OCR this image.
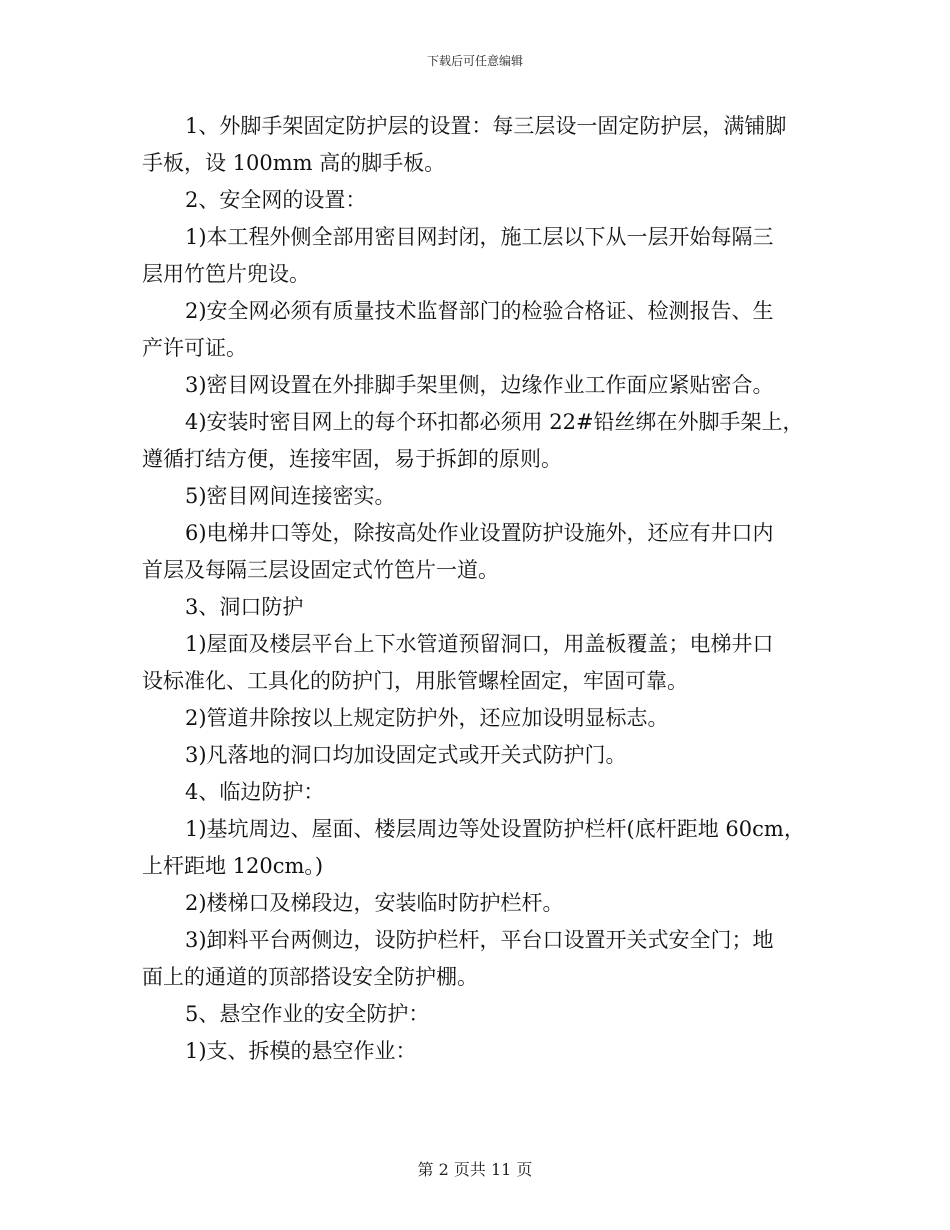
下载后可任意编辑
1、外脚手架固定防护层的设置：每三层设一固定防护层，满铺脚
手板，设 100mm 高的脚手板。
2、安全网的设置：
1)本工程外侧全部用密目网封闭，施工层以下从一层开始每隔三
层用竹笆片兜设。
2)安全网必须有质量技术监督部门的检验合格证、检测报告、生
产许可证。
3)密目网设置在外排脚手架里侧，边缘作业工作面应紧贴密合。
4)安装时密目网上的每个环扣都必须用 22#铅丝绑在外脚手架上，
遵循打结方便，连接牢固，易于拆卸的原则。
5)密目网间连接密实。
6)电梯井口等处，除按高处作业设置防护设施外，还应有井口内
首层及每隔三层设固定式竹笆片一道。
3、洞口防护
1)屋面及楼层平台上下水管道预留洞口，用盖板覆盖；电梯井口
设标准化、工具化的防护门，用胀管螺栓固定，牢固可靠。
2)管道井除按以上规定防护外，还应加设明显标志。
3)凡落地的洞口均加设固定式或开关式防护门。
4、临边防护：
1)基坑周边、屋面、楼层周边等处设置防护栏杆(底杆距地 60cm，
上杆距地 120cm。)
2)楼梯口及梯段边，安装临时防护栏杆。
3)卸料平台两侧边，设防护栏杆，平台口设置开关式安全门；地
面上的通道的顶部搭设安全防护棚。
5、悬空作业的安全防护：
1)支、拆模的悬空作业：
第 2 页共 11 页
